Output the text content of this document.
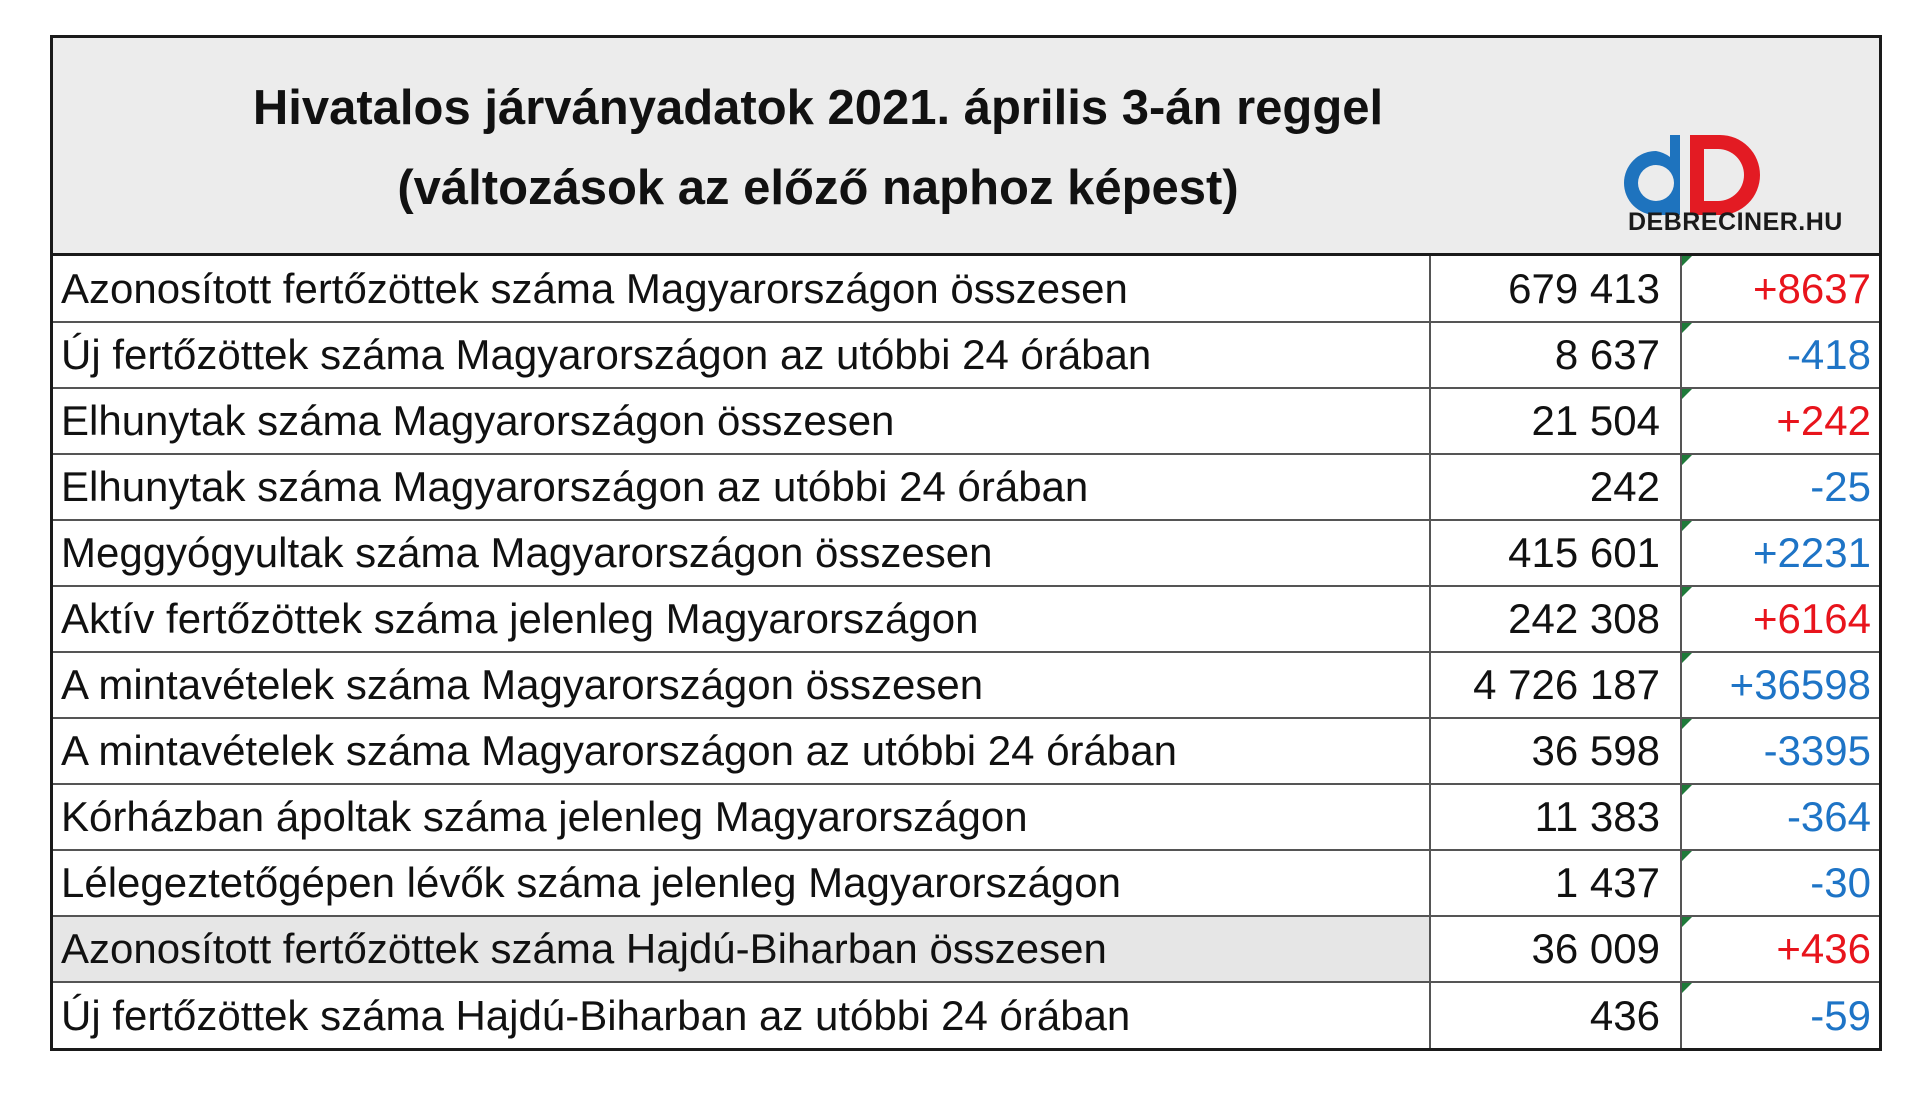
Hivatalos járványadatok 2021. április 3-án reggel
(változások az előző naphoz képest)
DEBRECINER.HU
Azonosított fertőzöttek száma Magyarországon összesen	679 413	+8637
Új fertőzöttek száma Magyarországon az utóbbi 24 órában	8 637	-418
Elhunytak száma Magyarországon összesen	21 504	+242
Elhunytak száma Magyarországon az utóbbi 24 órában	242	-25
Meggyógyultak száma Magyarországon összesen	415 601	+2231
Aktív fertőzöttek száma jelenleg Magyarországon	242 308	+6164
A mintavételek száma Magyarországon összesen	4 726 187	+36598
A mintavételek száma Magyarországon az utóbbi 24 órában	36 598	-3395
Kórházban ápoltak száma jelenleg Magyarországon	11 383	-364
Lélegeztetőgépen lévők száma jelenleg Magyarországon	1 437	-30
Azonosított fertőzöttek száma Hajdú-Biharban összesen	36 009	+436
Új fertőzöttek száma Hajdú-Biharban az utóbbi 24 órában	436	-59
